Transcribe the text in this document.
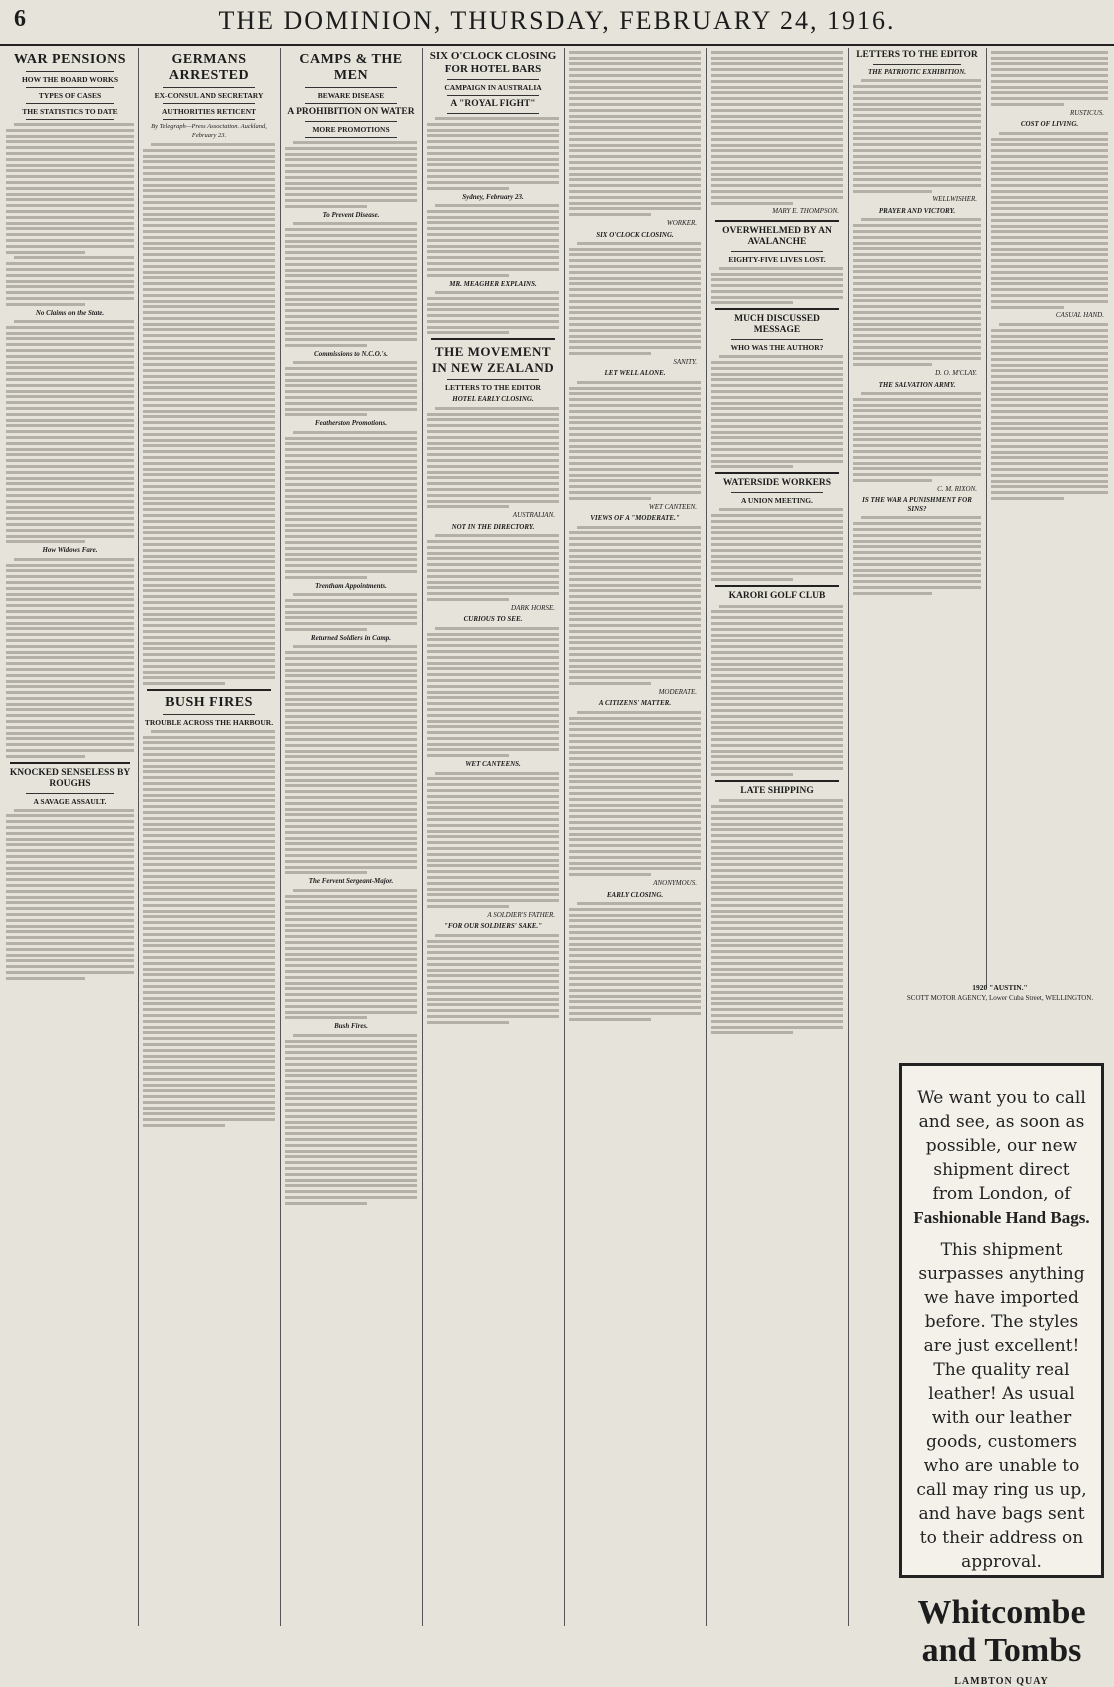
6	THE DOMINION, THURSDAY, FEBRUARY 24, 1916.
WAR PENSIONS
HOW THE BOARD WORKS
TYPES OF CASES
THE STATISTICS TO DATE
No Claims on the State.
How Widows Fare.
KNOCKED SENSELESS BY ROUGHS
A SAVAGE ASSAULT.
GERMANS ARRESTED
EX-CONSUL AND SECRETARY
AUTHORITIES RETICENT
By Telegraph—Press Association. Auckland, February 23.
BUSH FIRES
TROUBLE ACROSS THE HARBOUR.
CAMPS & THE MEN
BEWARE DISEASE
A PROHIBITION ON WATER
MORE PROMOTIONS
To Prevent Disease.
Commissions to N.C.O.'s.
Featherston Promotions.
Trentham Appointments.
Returned Soldiers in Camp.
The Fervent Sergeant-Major.
Bush Fires.
SIX O'CLOCK CLOSING FOR HOTEL BARS
CAMPAIGN IN AUSTRALIA
A "ROYAL FIGHT"
Sydney, February 23.
MR. MEAGHER EXPLAINS.
THE MOVEMENT IN NEW ZEALAND
LETTERS TO THE EDITOR
HOTEL EARLY CLOSING.
AUSTRALIAN.
NOT IN THE DIRECTORY.
DARK HORSE.
CURIOUS TO SEE.
WET CANTEENS.
A SOLDIER'S FATHER.
"FOR OUR SOLDIERS' SAKE."
WORKER.
SIX O'CLOCK CLOSING.
SANITY.
LET WELL ALONE.
WET CANTEEN.
VIEWS OF A "MODERATE."
MODERATE.
A CITIZENS' MATTER.
ANONYMOUS.
EARLY CLOSING.
MARY E. THOMPSON.
OVERWHELMED BY AN AVALANCHE
EIGHTY-FIVE LIVES LOST.
MUCH DISCUSSED MESSAGE
WHO WAS THE AUTHOR?
WATERSIDE WORKERS
A UNION MEETING.
KARORI GOLF CLUB
LATE SHIPPING
LETTERS TO THE EDITOR
THE PATRIOTIC EXHIBITION.
WELLWISHER.
PRAYER AND VICTORY.
D. O. M'CLAY.
THE SALVATION ARMY.
C. M. RIXON.
IS THE WAR A PUNISHMENT FOR SINS?
RUSTICUS.
COST OF LIVING.
CASUAL HAND.
1920 "AUSTIN."
SCOTT MOTOR AGENCY, Lower Cuba Street, WELLINGTON.
We want you to call and see, as soon as possible, our new shipment direct from London, of
Fashionable Hand Bags.
This shipment surpasses anything we have imported before. The styles are just excellent! The quality real leather! As usual with our leather goods, customers who are unable to call may ring us up, and have bags sent to their address on approval.
Whitcombe and Tombs
LAMBTON QUAY
